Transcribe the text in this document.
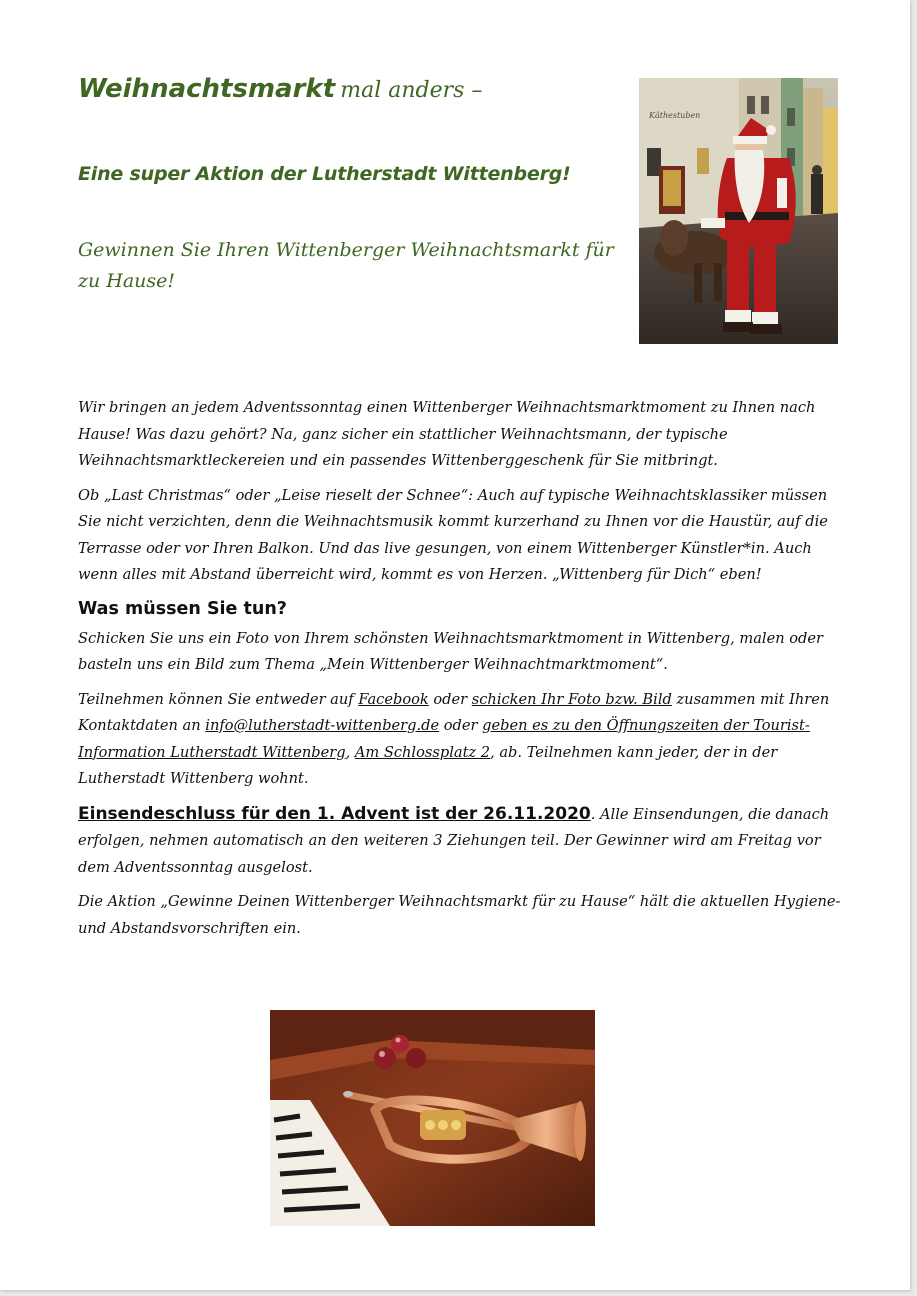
Weihnachtsmarkt mal anders –
Eine super Aktion der Lutherstadt Wittenberg!
Gewinnen Sie Ihren Wittenberger Weihnachtsmarkt für zu Hause!
Käthestuben

Wir bringen an jedem Adventssonntag einen Wittenberger Weihnachtsmarktmoment zu Ihnen nach Hause! Was dazu gehört? Na, ganz sicher ein stattlicher Weihnachtsmann, der typische Weihnachtsmarktleckereien und ein passendes Wittenberggeschenk für Sie mitbringt.

Ob „Last Christmas“ oder „Leise rieselt der Schnee“: Auch auf typische Weihnachtsklassiker müssen Sie nicht verzichten, denn die Weihnachtsmusik kommt kurzerhand zu Ihnen vor die Haustür, auf die Terrasse oder vor Ihren Balkon. Und das live gesungen, von einem Wittenberger Künstler*in. Auch wenn alles mit Abstand überreicht wird, kommt es von Herzen. „Wittenberg für Dich“ eben!

Was müssen Sie tun?

Schicken Sie uns ein Foto von Ihrem schönsten Weihnachtsmarktmoment in Wittenberg, malen oder basteln uns ein Bild zum Thema „Mein Wittenberger Weihnachtmarktmoment“.

Teilnehmen können Sie entweder auf Facebook oder schicken Ihr Foto bzw. Bild zusammen mit Ihren Kontaktdaten an info@lutherstadt-wittenberg.de oder geben es zu den Öffnungszeiten der Tourist-Information Lutherstadt Wittenberg, Am Schlossplatz 2, ab. Teilnehmen kann jeder, der in der Lutherstadt Wittenberg wohnt.

Einsendeschluss für den 1. Advent ist der 26.11.2020. Alle Einsendungen, die danach erfolgen, nehmen automatisch an den weiteren 3 Ziehungen teil. Der Gewinner wird am Freitag vor dem Adventssonntag ausgelost.

Die Aktion „Gewinne Deinen Wittenberger Weihnachtsmarkt für zu Hause“ hält die aktuellen Hygiene- und Abstandsvorschriften ein.
